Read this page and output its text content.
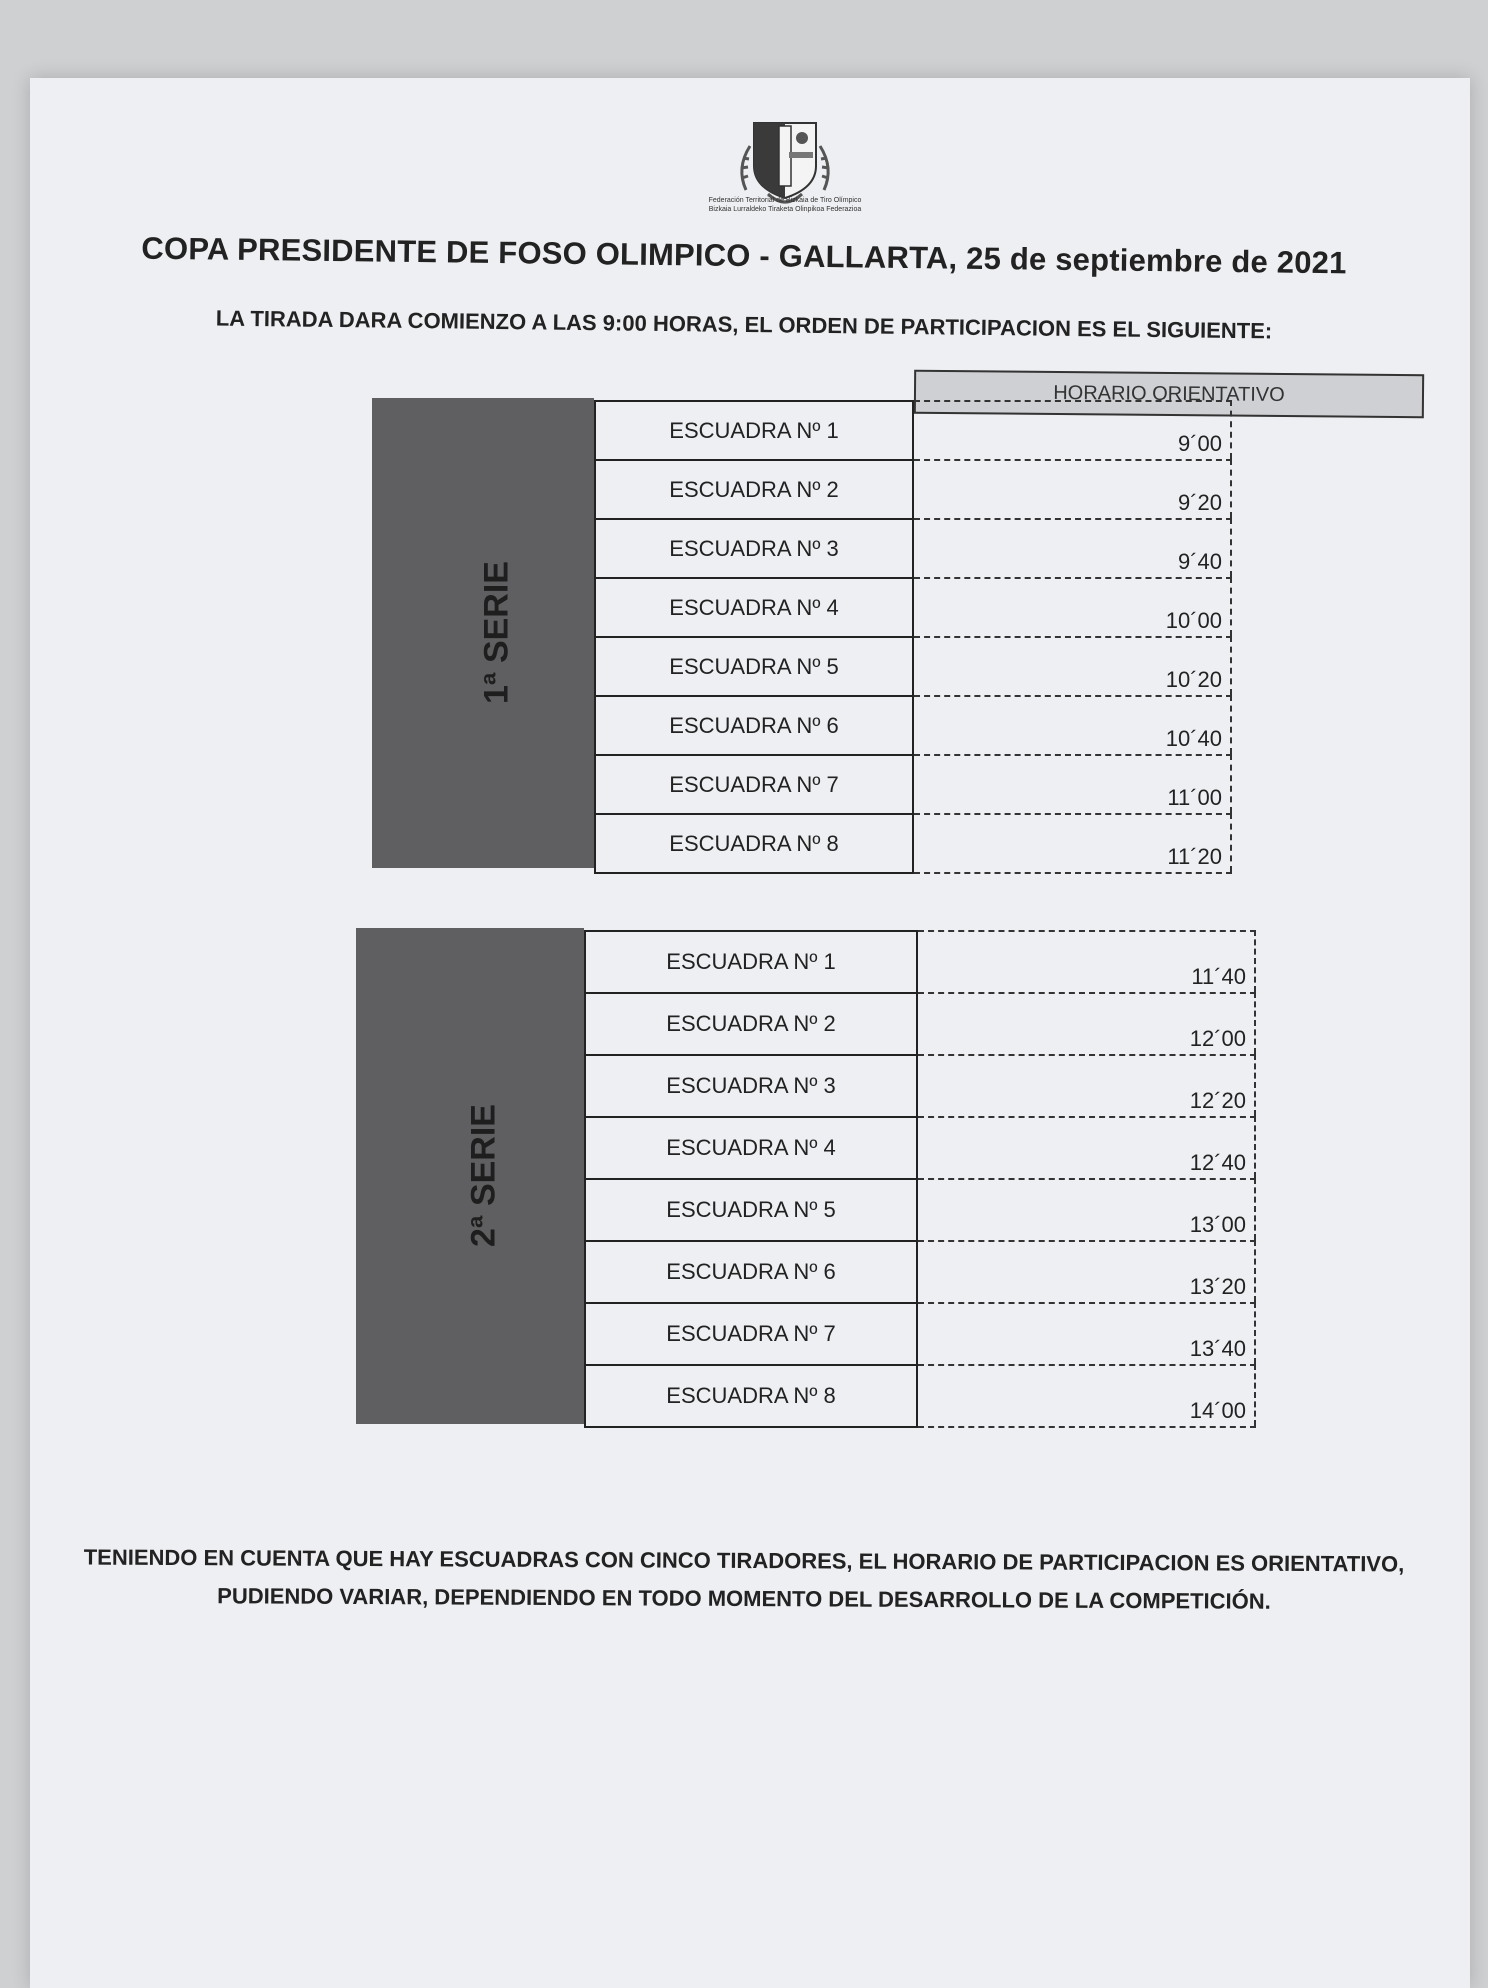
Federación Territorial de Bizkaia de Tiro Olímpico
Bizkaia Lurraldeko Tiraketa Olinpikoa Federazioa
COPA PRESIDENTE DE FOSO OLIMPICO - GALLARTA, 25 de septiembre de 2021
LA TIRADA DARA COMIENZO A LAS 9:00 HORAS, EL ORDEN DE PARTICIPACION ES EL SIGUIENTE:
HORARIO ORIENTATIVO
1ª SERIE
ESCUADRA Nº 1
9´00
ESCUADRA Nº 2
9´20
ESCUADRA Nº 3
9´40
ESCUADRA Nº 4
10´00
ESCUADRA Nº 5
10´20
ESCUADRA Nº 6
10´40
ESCUADRA Nº 7
11´00
ESCUADRA Nº 8
11´20
2ª SERIE
ESCUADRA Nº 1
11´40
ESCUADRA Nº 2
12´00
ESCUADRA Nº 3
12´20
ESCUADRA Nº 4
12´40
ESCUADRA Nº 5
13´00
ESCUADRA Nº 6
13´20
ESCUADRA Nº 7
13´40
ESCUADRA Nº 8
14´00
TENIENDO EN CUENTA QUE HAY ESCUADRAS CON CINCO TIRADORES, EL HORARIO DE PARTICIPACION ES ORIENTATIVO,
PUDIENDO VARIAR, DEPENDIENDO EN TODO MOMENTO DEL DESARROLLO DE LA COMPETICIÓN.
